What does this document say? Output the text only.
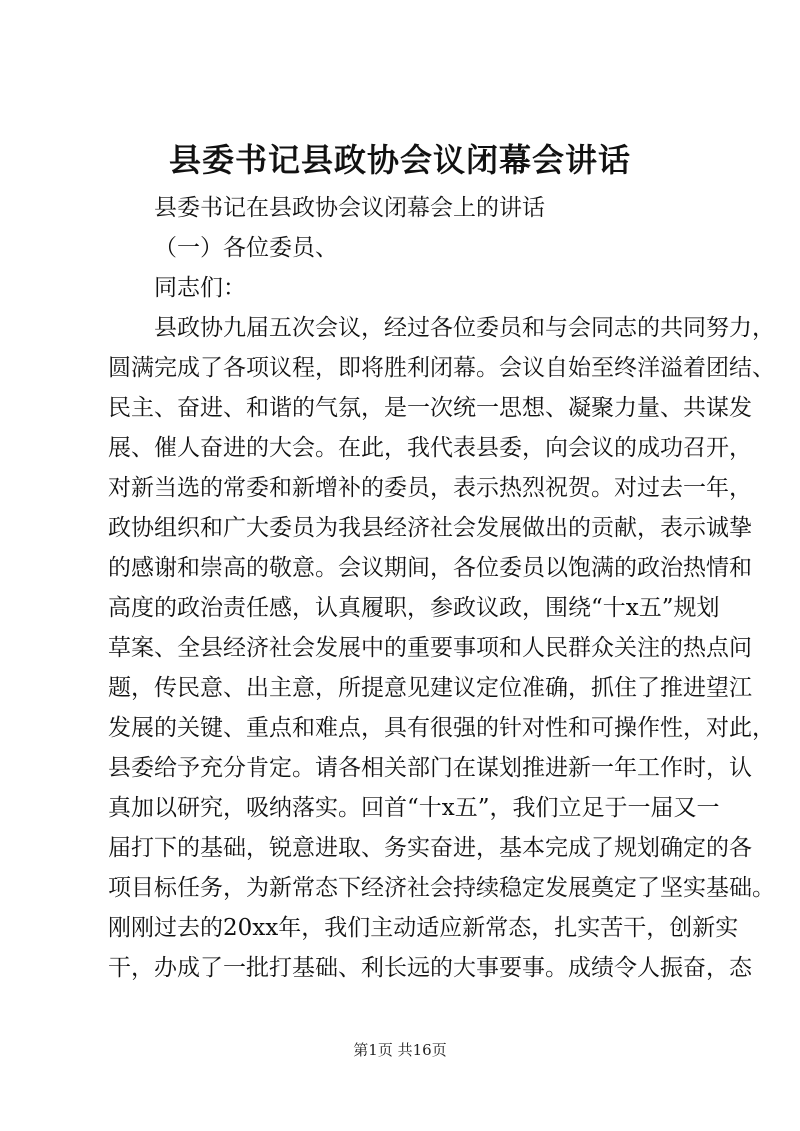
县委书记县政协会议闭幕会讲话
县委书记在县政协会议闭幕会上的讲话
（一）各位委员、
同志们：
县政协九届五次会议，经过各位委员和与会同志的共同努力，
圆满完成了各项议程，即将胜利闭幕。会议自始至终洋溢着团结、
民主、奋进、和谐的气氛，是一次统一思想、凝聚力量、共谋发
展、催人奋进的大会。在此，我代表县委，向会议的成功召开，
对新当选的常委和新增补的委员，表示热烈祝贺。对过去一年，
政协组织和广大委员为我县经济社会发展做出的贡献，表示诚挚
的感谢和崇高的敬意。会议期间，各位委员以饱满的政治热情和
高度的政治责任感，认真履职，参政议政，围绕“十x五”规划
草案、全县经济社会发展中的重要事项和人民群众关注的热点问
题，传民意、出主意，所提意见建议定位准确，抓住了推进望江
发展的关键、重点和难点，具有很强的针对性和可操作性，对此，
县委给予充分肯定。请各相关部门在谋划推进新一年工作时，认
真加以研究，吸纳落实。回首“十x五”，我们立足于一届又一
届打下的基础，锐意进取、务实奋进，基本完成了规划确定的各
项目标任务，为新常态下经济社会持续稳定发展奠定了坚实基础。
刚刚过去的20xx年，我们主动适应新常态，扎实苦干，创新实
干，办成了一批打基础、利长远的大事要事。成绩令人振奋，态
第1页 共16页
